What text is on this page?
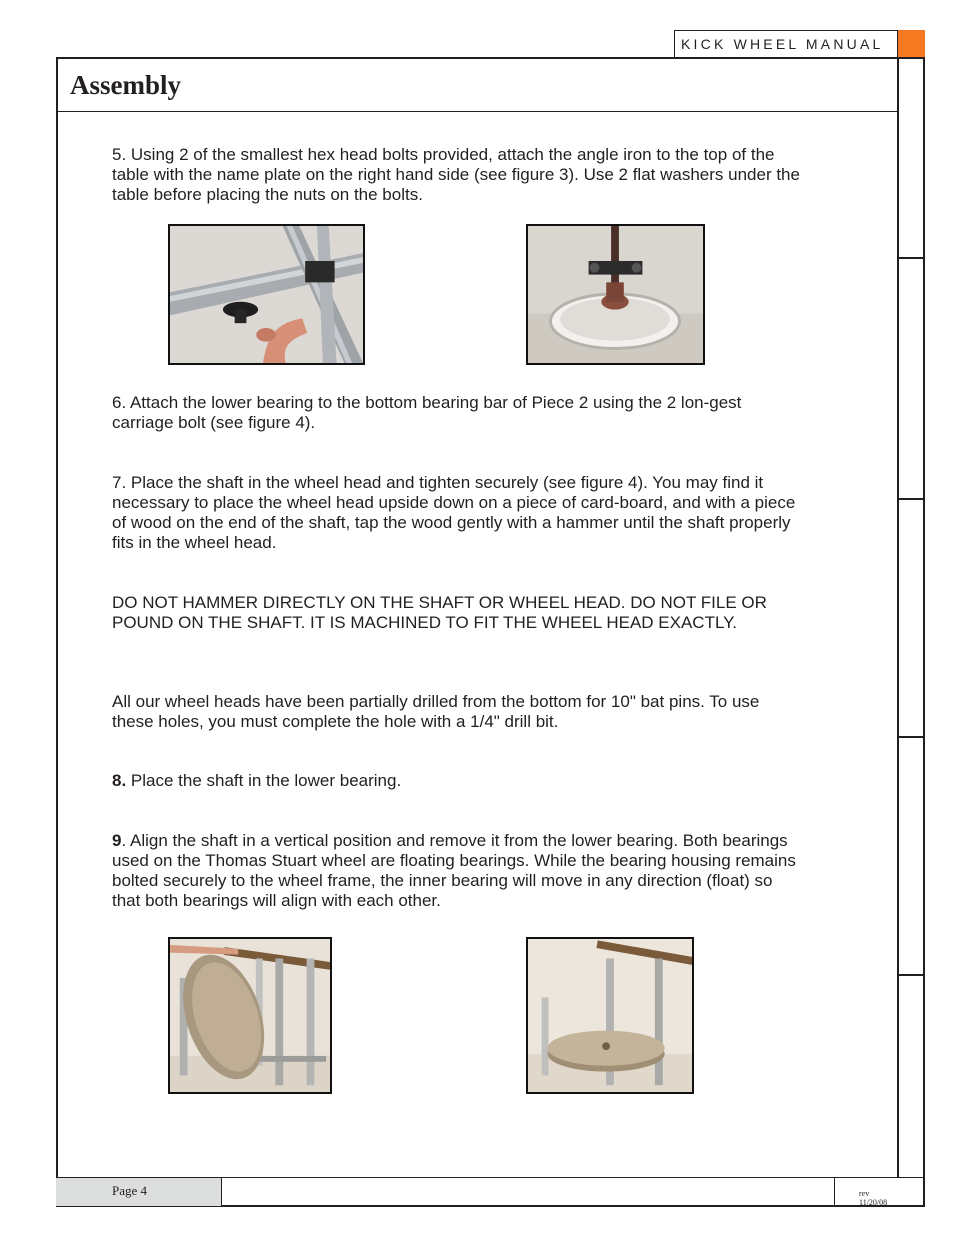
KICK WHEEL MANUAL
Assembly

5. Using 2 of the smallest hex head bolts provided, attach the angle iron to the top of the table with the name plate on the right hand side (see figure 3). Use 2 flat washers under the table before placing the nuts on the bolts.

6. Attach the lower bearing to the bottom bearing bar of Piece 2 using the 2 lon-gest carriage bolt (see figure 4).

7. Place the shaft in the wheel head and tighten securely (see figure 4). You may find it necessary to place the wheel head upside down on a piece of card-board, and with a piece of wood on the end of the shaft, tap the wood gently with a hammer until the shaft properly fits in the wheel head.

DO NOT HAMMER DIRECTLY ON THE SHAFT OR WHEEL HEAD. DO NOT FILE OR POUND ON THE SHAFT. IT IS MACHINED TO FIT THE WHEEL HEAD EXACTLY.

All our wheel heads have been partially drilled from the bottom for 10" bat pins. To use these holes, you must complete the hole with a 1/4" drill bit.

8. Place the shaft in the lower bearing.

9. Align the shaft in a vertical position and remove it from the lower bearing. Both bearings used on the Thomas Stuart wheel are floating bearings. While the bearing housing remains bolted securely to the wheel frame, the inner bearing will move in any direction (float) so that both bearings will align with each other.

Page 4	rev 11/20/08
